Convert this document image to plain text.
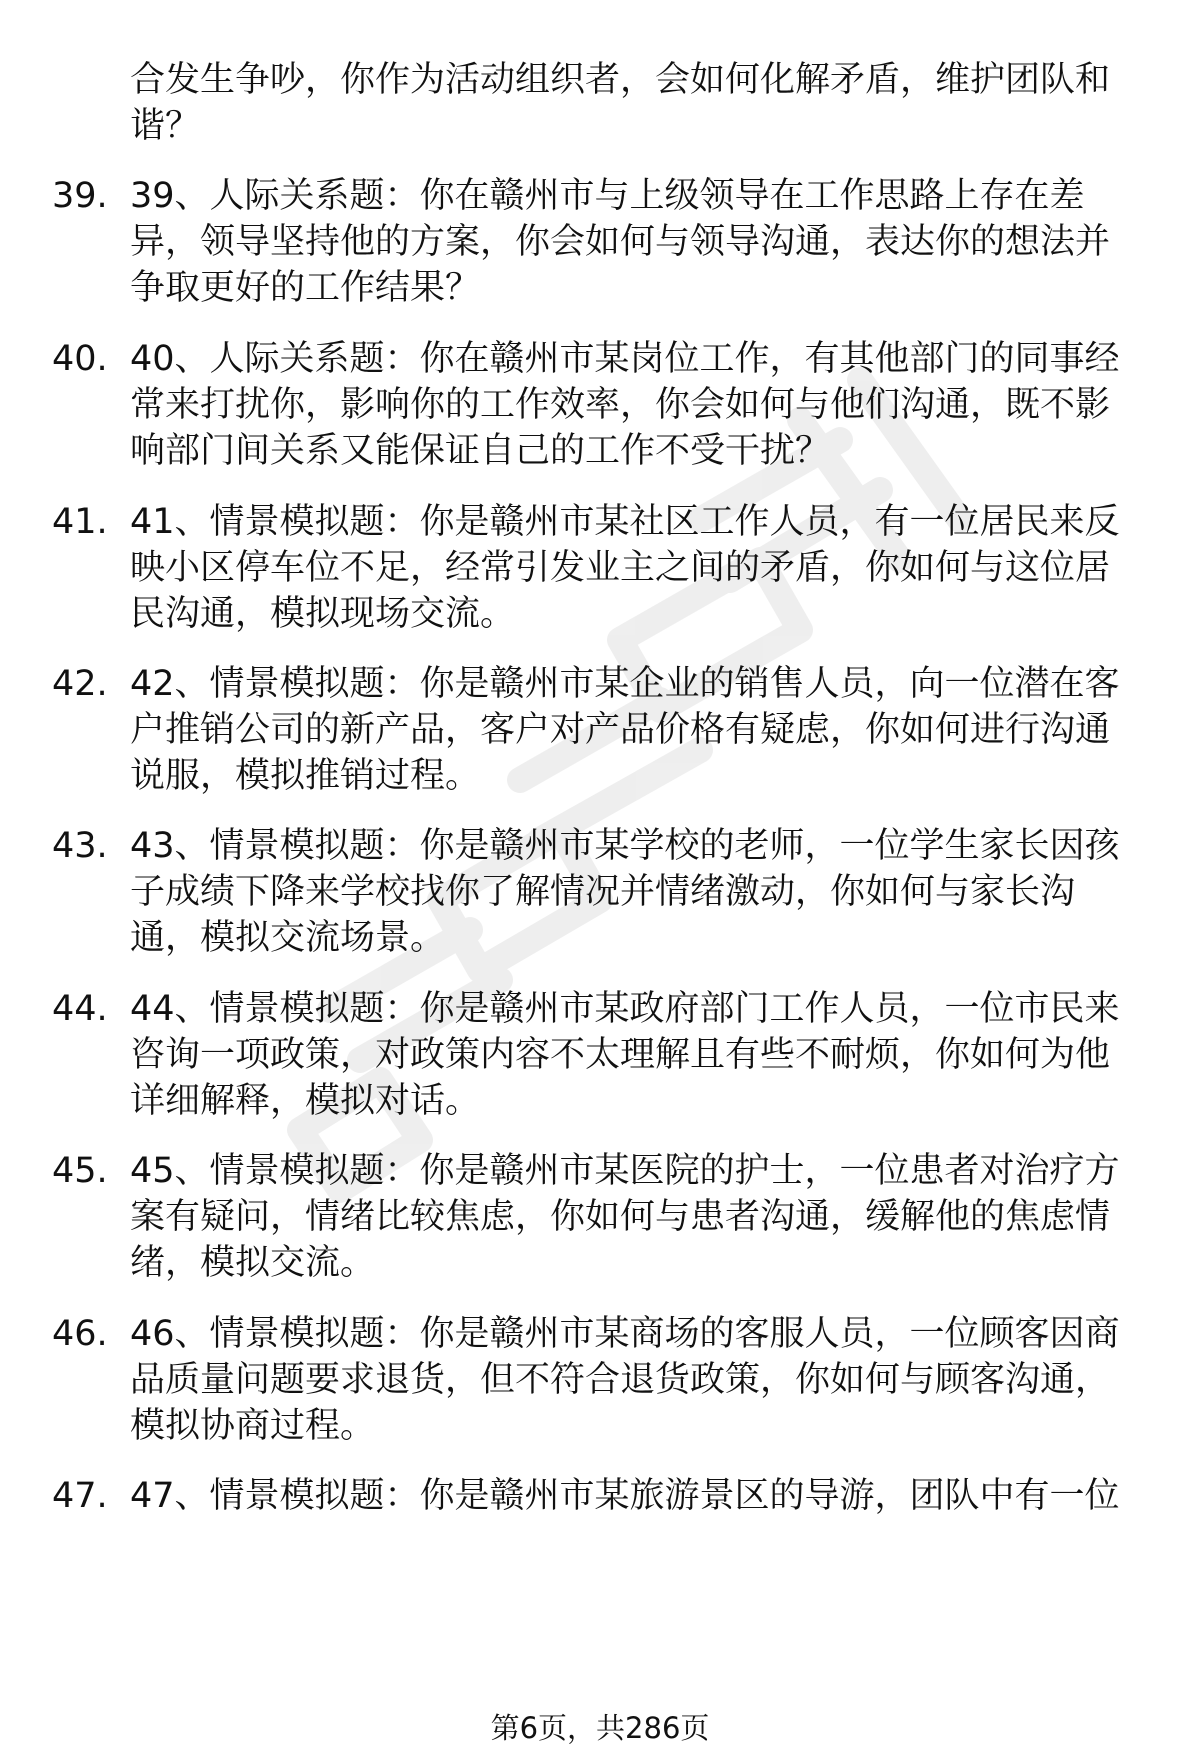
合发生争吵，你作为活动组织者，会如何化解矛盾，维护团队和
谐？
39. 39、人际关系题：你在赣州市与上级领导在工作思路上存在差
异，领导坚持他的方案，你会如何与领导沟通，表达你的想法并
争取更好的工作结果？
40. 40、人际关系题：你在赣州市某岗位工作，有其他部门的同事经
常来打扰你，影响你的工作效率，你会如何与他们沟通，既不影
响部门间关系又能保证自己的工作不受干扰？
41. 41、情景模拟题：你是赣州市某社区工作人员，有一位居民来反
映小区停车位不足，经常引发业主之间的矛盾，你如何与这位居
民沟通，模拟现场交流。
42. 42、情景模拟题：你是赣州市某企业的销售人员，向一位潜在客
户推销公司的新产品，客户对产品价格有疑虑，你如何进行沟通
说服，模拟推销过程。
43. 43、情景模拟题：你是赣州市某学校的老师，一位学生家长因孩
子成绩下降来学校找你了解情况并情绪激动，你如何与家长沟
通，模拟交流场景。
44. 44、情景模拟题：你是赣州市某政府部门工作人员，一位市民来
咨询一项政策，对政策内容不太理解且有些不耐烦，你如何为他
详细解释，模拟对话。
45. 45、情景模拟题：你是赣州市某医院的护士，一位患者对治疗方
案有疑问，情绪比较焦虑，你如何与患者沟通，缓解他的焦虑情
绪，模拟交流。
46. 46、情景模拟题：你是赣州市某商场的客服人员，一位顾客因商
品质量问题要求退货，但不符合退货政策，你如何与顾客沟通，
模拟协商过程。
47. 47、情景模拟题：你是赣州市某旅游景区的导游，团队中有一位
第6页，共286页
